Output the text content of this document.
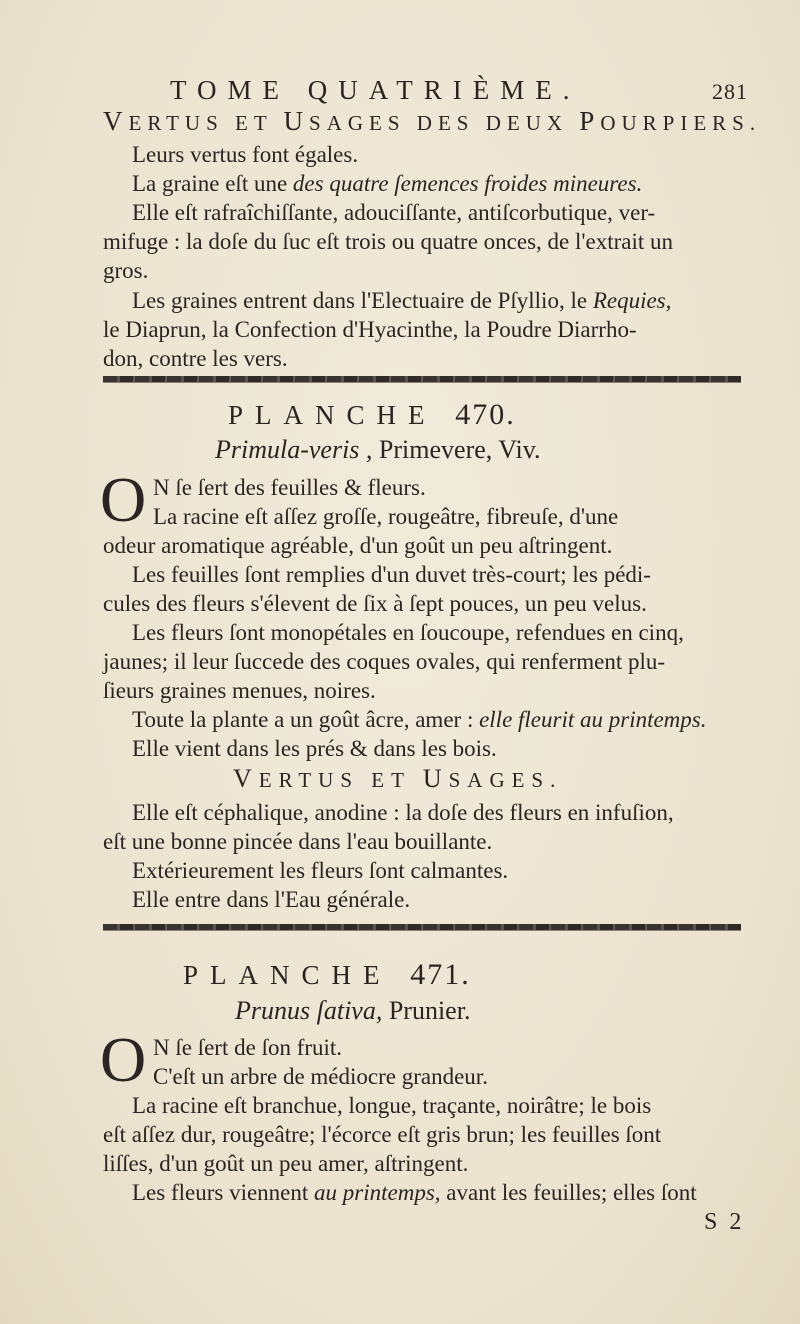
TOME QUATRIÈME.	281
VERTUS ET USAGES DES DEUX POURPIERS.
Leurs vertus font égales.
La graine eſt une des quatre ſemences froides mineures.
Elle eſt rafraîchiſſante, adouciſſante, antiſcorbutique, ver-
mifuge : la doſe du ſuc eſt trois ou quatre onces, de l'extrait un
gros.
Les graines entrent dans l'Electuaire de Pſyllio, le Requies,
le Diaprun, la Confection d'Hyacinthe, la Poudre Diarrho-
don, contre les vers.
PLANCHE 470.
Primula-veris , Primevere, Viv.
O N ſe ſert des feuilles & fleurs.
La racine eſt aſſez groſſe, rougeâtre, fibreuſe, d'une
odeur aromatique agréable, d'un goût un peu aſtringent.
Les feuilles ſont remplies d'un duvet très-court; les pédi-
cules des fleurs s'élevent de ſix à ſept pouces, un peu velus.
Les fleurs ſont monopétales en ſoucoupe, refendues en cinq,
jaunes; il leur ſuccede des coques ovales, qui renferment plu-
ſieurs graines menues, noires.
Toute la plante a un goût âcre, amer : elle fleurit au printemps.
Elle vient dans les prés & dans les bois.
VERTUS ET USAGES.
Elle eſt céphalique, anodine : la doſe des fleurs en infuſion,
eſt une bonne pincée dans l'eau bouillante.
Extérieurement les fleurs ſont calmantes.
Elle entre dans l'Eau générale.
PLANCHE 471.
Prunus ſativa, Prunier.
O N ſe ſert de ſon fruit.
C'eſt un arbre de médiocre grandeur.
La racine eſt branchue, longue, traçante, noirâtre; le bois
eſt aſſez dur, rougeâtre; l'écorce eſt gris brun; les feuilles ſont
liſſes, d'un goût un peu amer, aſtringent.
Les fleurs viennent au printemps, avant les feuilles; elles ſont
S 2
